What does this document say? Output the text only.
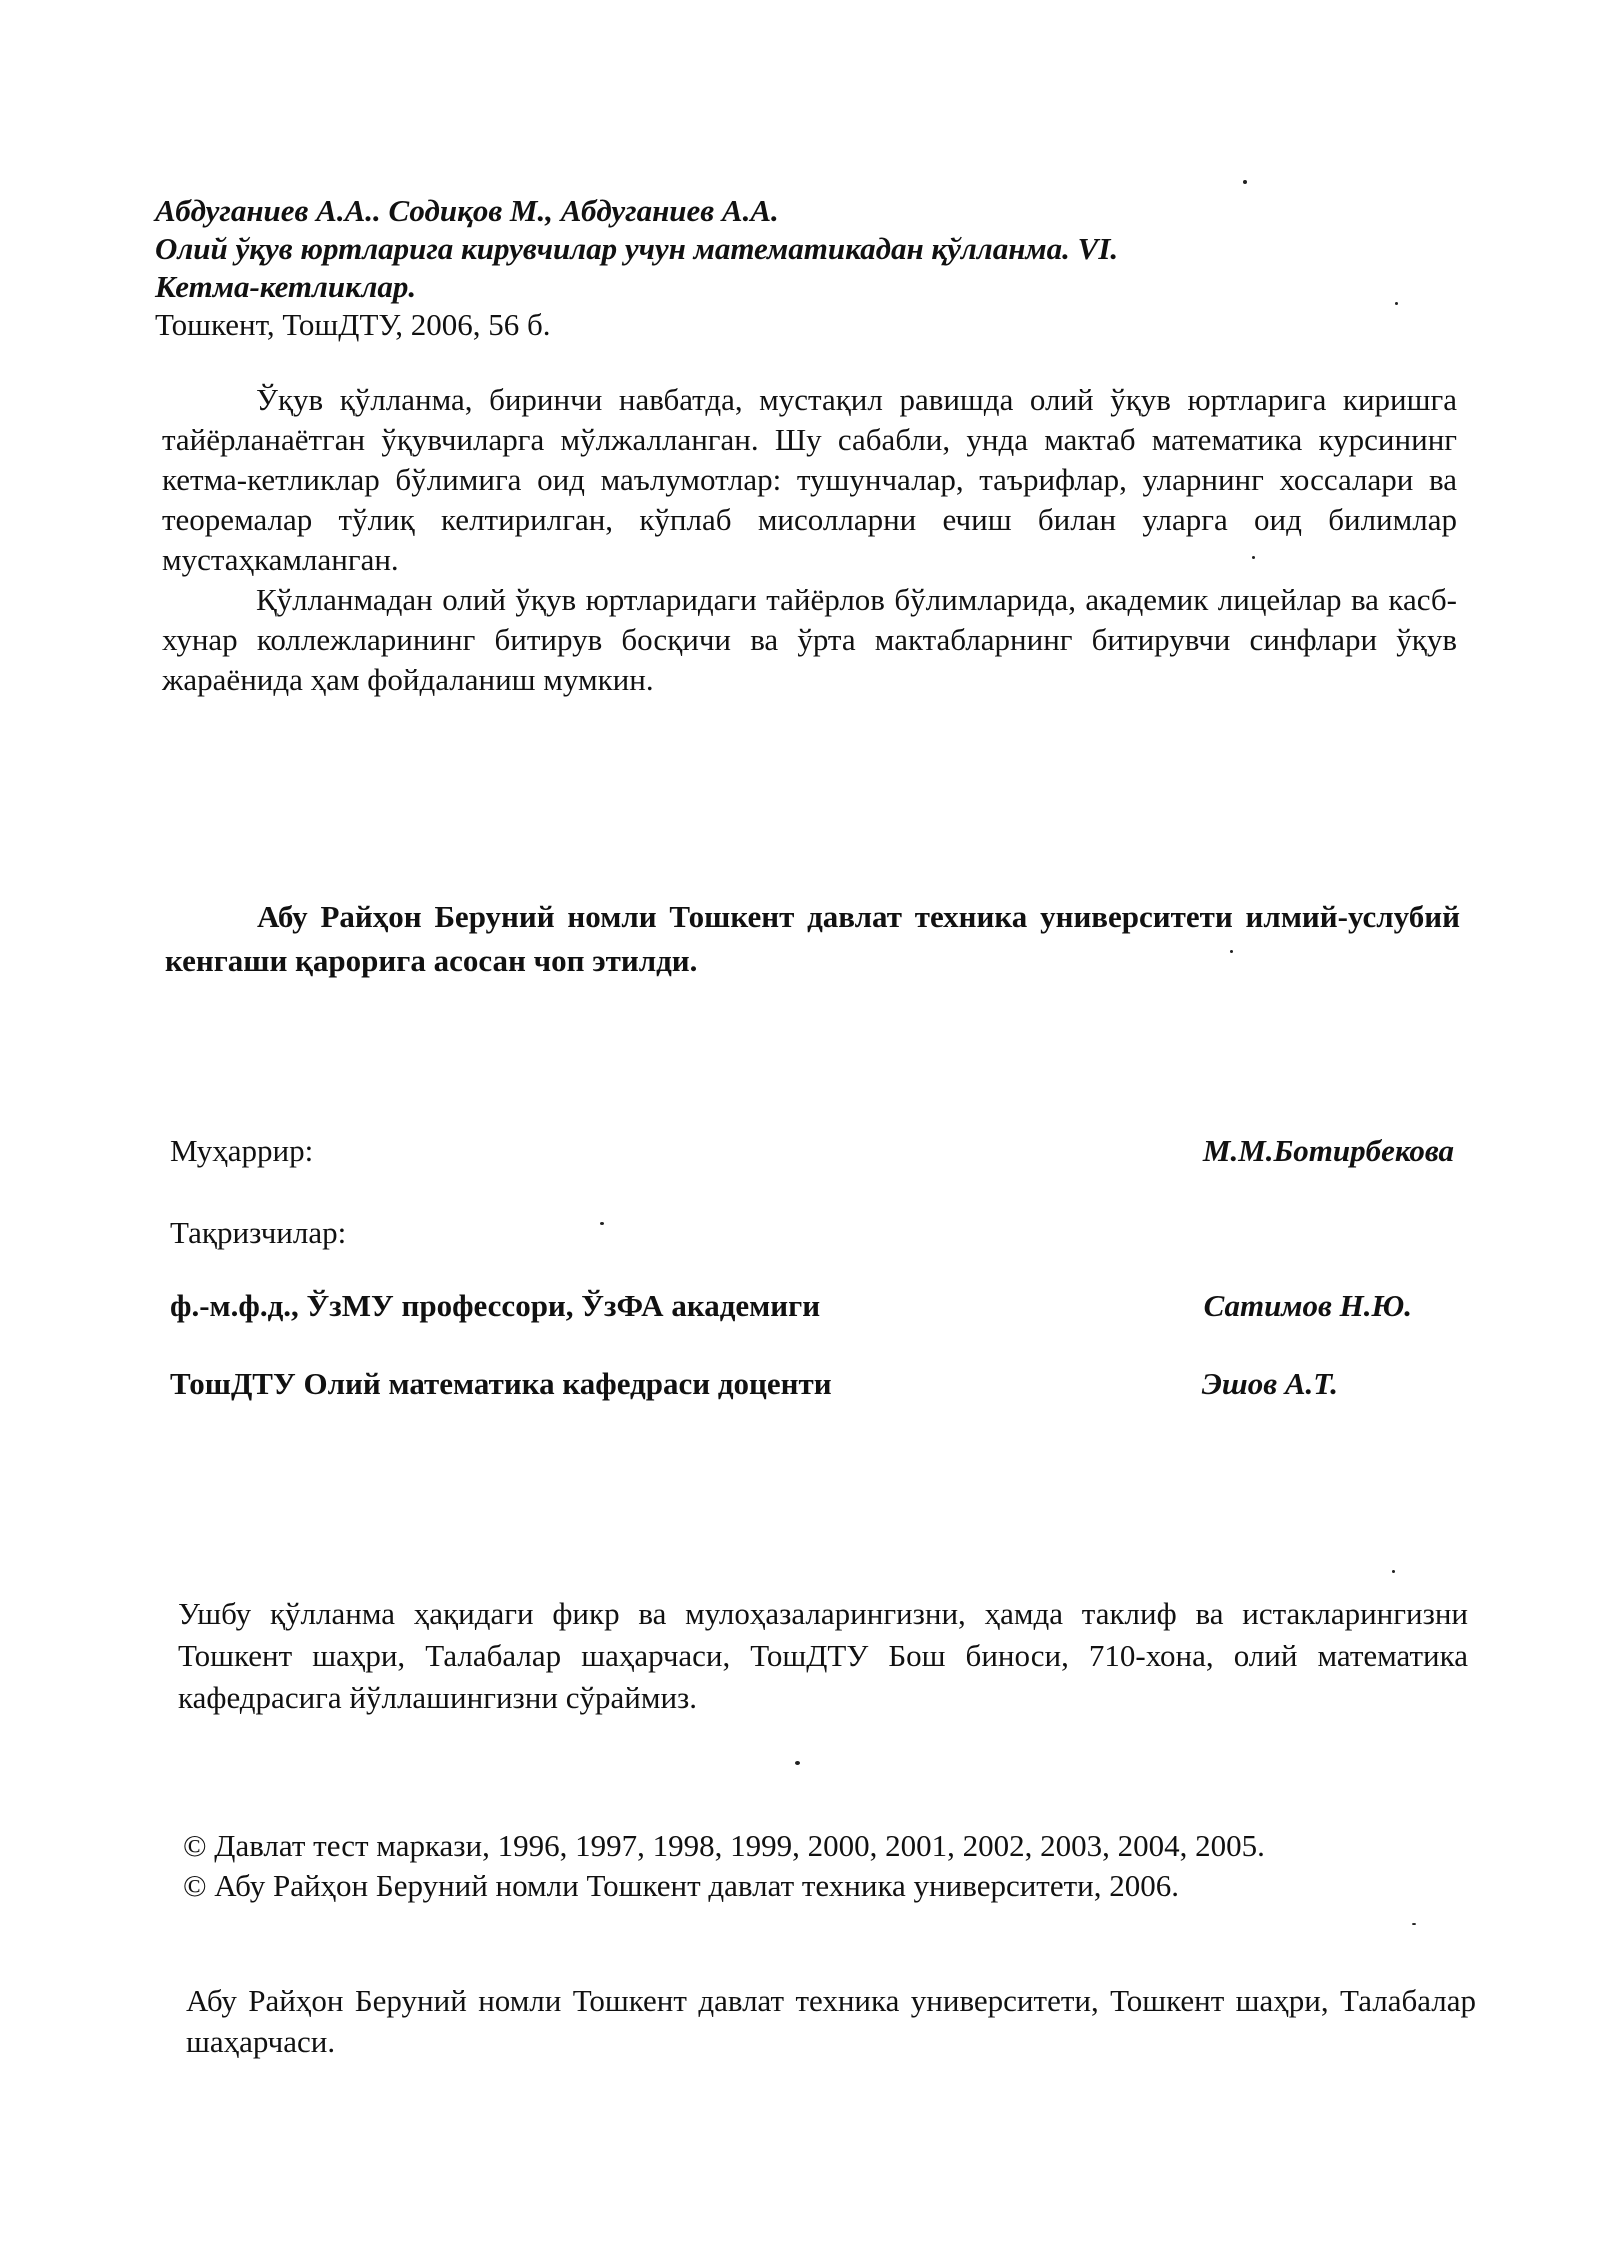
Абдуганиев А.А.. Содиқов М., Абдуганиев А.А.
Олий ўқув юртларига кирувчилар учун математикадан қўлланма. VI.
Кетма-кетликлар.
Тошкент, ТошДТУ, 2006, 56 б.

Ўқув қўлланма, биринчи навбатда, мустақил равишда олий ўқув юртларига киришга тайёрланаётган ўқувчиларга мўлжалланган. Шу сабабли, унда мактаб математика курсининг кетма-кетликлар бўлимига оид маълумотлар: тушунчалар, таърифлар, уларнинг хоссалари ва теоремалар тўлиқ келтирилган, кўплаб мисолларни ечиш билан уларга оид билимлар мустаҳкамланган.

Қўлланмадан олий ўқув юртларидаги тайёрлов бўлимларида, академик лицейлар ва касб-хунар коллежларининг битирув босқичи ва ўрта мактабларнинг битирувчи синфлари ўқув жараёнида ҳам фойдаланиш мумкин.

Абу Райҳон Беруний номли Тошкент давлат техника университети илмий-услубий кенгаши қарорига асосан чоп этилди.

Муҳаррир:	М.М.Ботирбекова
Тақризчилар:
ф.-м.ф.д., ЎзМУ профессори, ЎзФА академиги	Сатимов Н.Ю.
ТошДТУ Олий математика кафедраси доценти	Эшов А.Т.

Ушбу қўлланма ҳақидаги фикр ва мулоҳазаларингизни, ҳамда таклиф ва истакларингизни Тошкент шаҳри, Талабалар шаҳарчаси, ТошДТУ Бош биноси, 710-хона, олий математика кафедрасига йўллашингизни сўраймиз.

© Давлат тест маркази, 1996, 1997, 1998, 1999, 2000, 2001, 2002, 2003, 2004, 2005.

© Абу Райҳон Беруний номли Тошкент давлат техника университети, 2006.

Абу Райҳон Беруний номли Тошкент давлат техника университети, Тошкент шаҳри, Талабалар шаҳарчаси.
